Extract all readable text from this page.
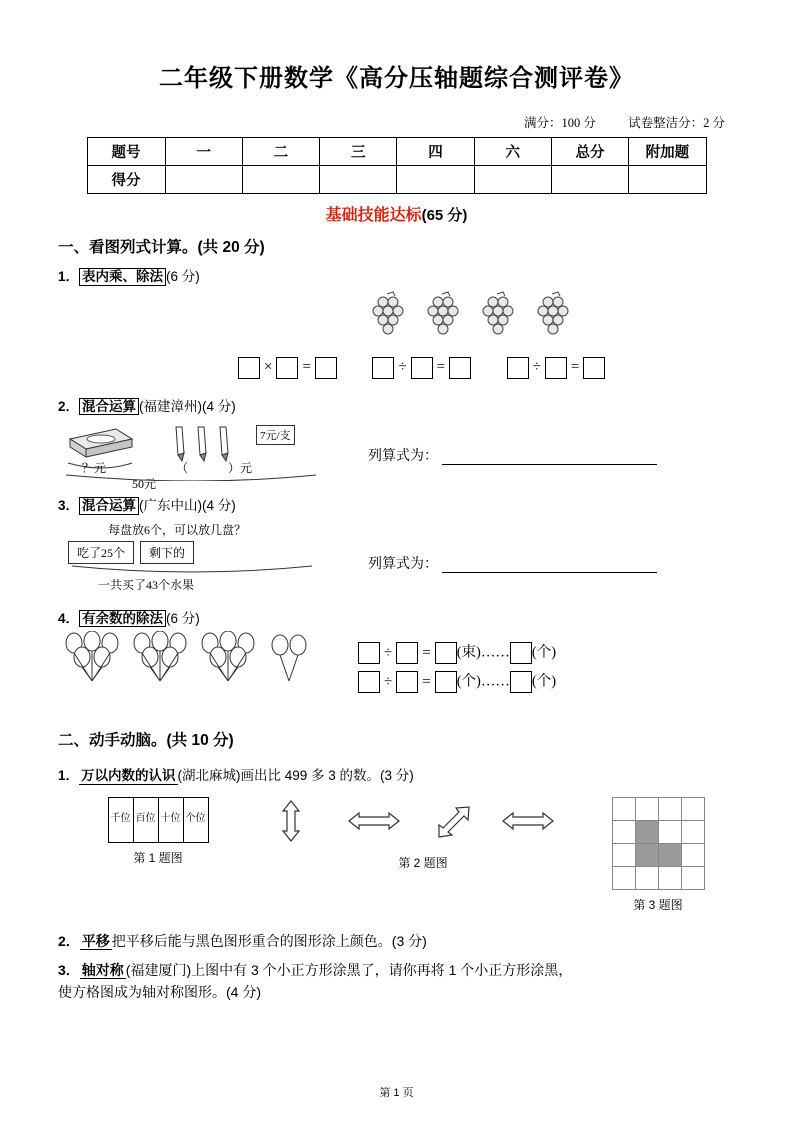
二年级下册数学《高分压轴题综合测评卷》
满分：100 分	试卷整洁分：2 分
题号	一	二	三	四	六	总分	附加题
得分							
基础技能达标(65 分)
一、看图列式计算。(共 20 分)
1． 表内乘、除法 (6 分)
× =	÷ =	÷ =
2． 混合运算 (福建漳州)(4 分)
7元/支
？元	（	）元
50元
列算式为：
3． 混合运算 (广东中山)(4 分)
每盘放6个，可以放几盘？
吃了25个	剩下的
一共买了43个水果
列算式为：
4． 有余数的除法 (6 分)
÷ = (束)…… (个)
÷ = (个)…… (个)
二、动手动脑。(共 10 分)
1． 万以内数的认识 (湖北麻城)画出比 499 多 3 的数。(3 分)
千位	百位	十位	个位
第 1 题图	第 2 题图

第 3 题图
2． 平移 把平移后能与黑色图形重合的图形涂上颜色。(3 分)
3． 轴对称 (福建厦门)上图中有 3 个小正方形涂黑了，请你再将 1 个小正方形涂黑，
使方格图成为轴对称图形。(4 分)
第 1 页
